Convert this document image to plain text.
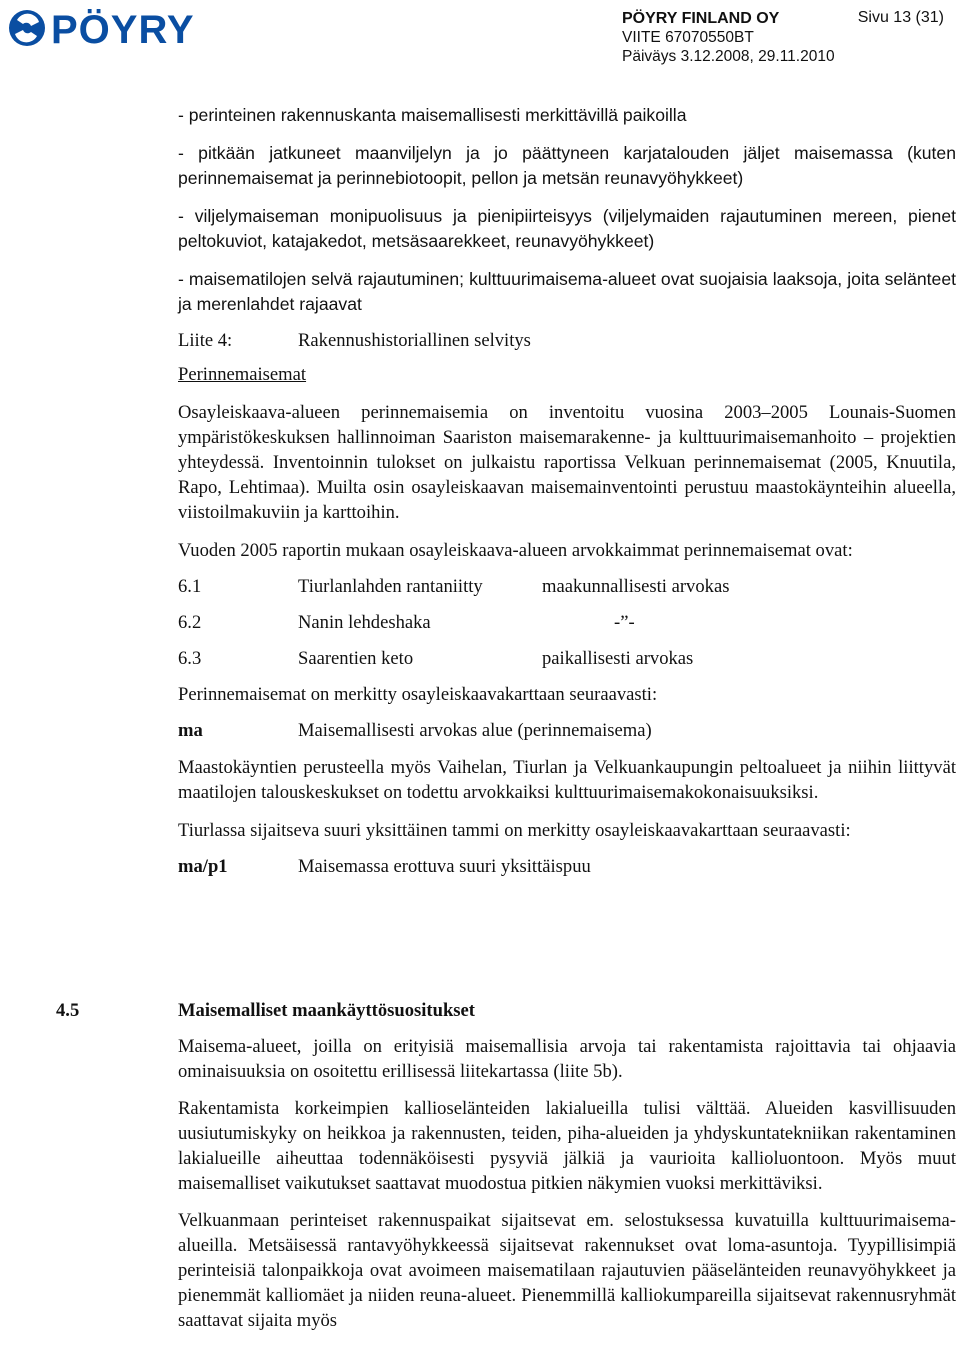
PÖYRY	PÖYRY FINLAND OY
VIITE 67070550BT
Päiväys 3.12.2008, 29.11.2010
Sivu 13 (31)

- perinteinen rakennuskanta maisemallisesti merkittävillä paikoilla

- pitkään jatkuneet maanviljelyn ja jo päättyneen karjatalouden jäljet maisemassa (kuten perinnemaisemat ja perinnebiotoopit, pellon ja metsän reunavyöhykkeet)

- viljelymaiseman monipuolisuus ja pienipiirteisyys (viljelymaiden rajautuminen mereen, pienet peltokuviot, katajakedot, metsäsaarekkeet, reunavyöhykkeet)

- maisematilojen selvä rajautuminen; kulttuurimaisema-alueet ovat suojaisia laaksoja, joita selänteet ja merenlahdet rajaavat

Liite 4:	Rakennushistoriallinen selvitys

Perinnemaisemat

Osayleiskaava-alueen perinnemaisemia on inventoitu vuosina 2003–2005 Lounais-Suomen ympäristökeskuksen hallinnoiman Saariston maisemarakenne- ja kulttuurimaisemanhoito – projektien yhteydessä. Inventoinnin tulokset on julkaistu raportissa Velkuan perinnemaisemat (2005, Knuutila, Rapo, Lehtimaa). Muilta osin osayleiskaavan maisemainventointi perustuu maastokäynteihin alueella, viistoilmakuviin ja karttoihin.

Vuoden 2005 raportin mukaan osayleiskaava-alueen arvokkaimmat perinnemaisemat ovat:

6.1	Tiurlanlahden rantaniitty	maakunnallisesti arvokas
6.2	Nanin lehdeshaka	-”-
6.3	Saarentien keto	paikallisesti arvokas

Perinnemaisemat on merkitty osayleiskaavakarttaan seuraavasti:

ma	Maisemallisesti arvokas alue (perinnemaisema)

Maastokäyntien perusteella myös Vaihelan, Tiurlan ja Velkuankaupungin peltoalueet ja niihin liittyvät maatilojen talouskeskukset on todettu arvokkaiksi kulttuurimaisemakokonaisuuksiksi.

Tiurlassa sijaitseva suuri yksittäinen tammi on merkitty osayleiskaavakarttaan seuraavasti:

ma/p1	Maisemassa erottuva suuri yksittäispuu
4.5	Maisemalliset maankäyttösuositukset

Maisema-alueet, joilla on erityisiä maisemallisia arvoja tai rakentamista rajoittavia tai ohjaavia ominaisuuksia on osoitettu erillisessä liitekartassa (liite 5b).

Rakentamista korkeimpien kallioselänteiden lakialueilla tulisi välttää. Alueiden kasvillisuuden uusiutumiskyky on heikkoa ja rakennusten, teiden, piha-alueiden ja yhdyskuntatekniikan rakentaminen lakialueille aiheuttaa todennäköisesti pysyviä jälkiä ja vaurioita kallioluontoon. Myös muut maisemalliset vaikutukset saattavat muodostua pitkien näkymien vuoksi merkittäviksi.

Velkuanmaan perinteiset rakennuspaikat sijaitsevat em. selostuksessa kuvatuilla kulttuurimaisema-alueilla. Metsäisessä rantavyöhykkeessä sijaitsevat rakennukset ovat loma-asuntoja. Tyypillisimpiä perinteisiä talonpaikkoja ovat avoimeen maisematilaan rajautuvien pääselänteiden reunavyöhykkeet ja pienemmät kalliomäet ja niiden reuna-alueet. Pienemmillä kalliokumpareilla sijaitsevat rakennusryhmät saattavat sijaita myös
